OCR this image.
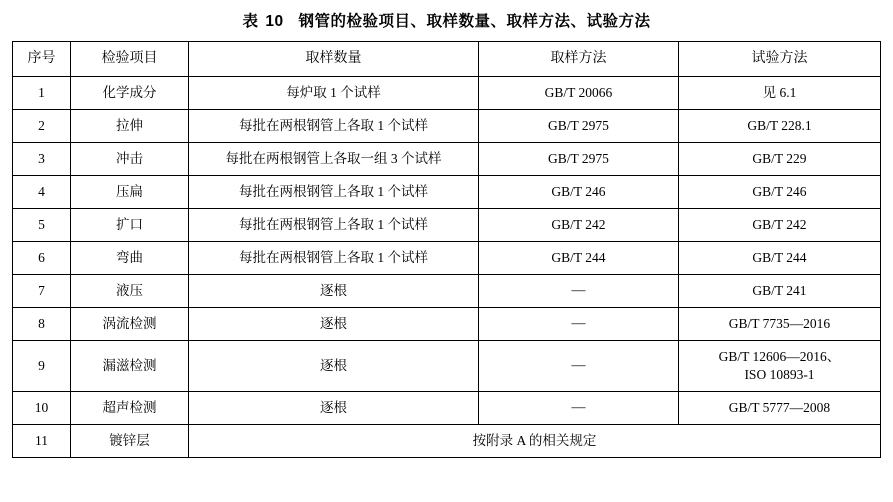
表 10 钢管的检验项目、取样数量、取样方法、试验方法
序号	检验项目	取样数量	取样方法	试验方法
1	化学成分	每炉取 1 个试样	GB/T 20066	见 6.1
2	拉伸	每批在两根钢管上各取 1 个试样	GB/T 2975	GB/T 228.1
3	冲击	每批在两根钢管上各取一组 3 个试样	GB/T 2975	GB/T 229
4	压扁	每批在两根钢管上各取 1 个试样	GB/T 246	GB/T 246
5	扩口	每批在两根钢管上各取 1 个试样	GB/T 242	GB/T 242
6	弯曲	每批在两根钢管上各取 1 个试样	GB/T 244	GB/T 244
7	液压	逐根	—	GB/T 241
8	涡流检测	逐根	—	GB/T 7735—2016
9	漏滋检测	逐根	—	GB/T 12606—2016、
ISO 10893-1

10	超声检测	逐根	—	GB/T 5777—2008
11	镀锌层	按附录 A 的相关规定		
